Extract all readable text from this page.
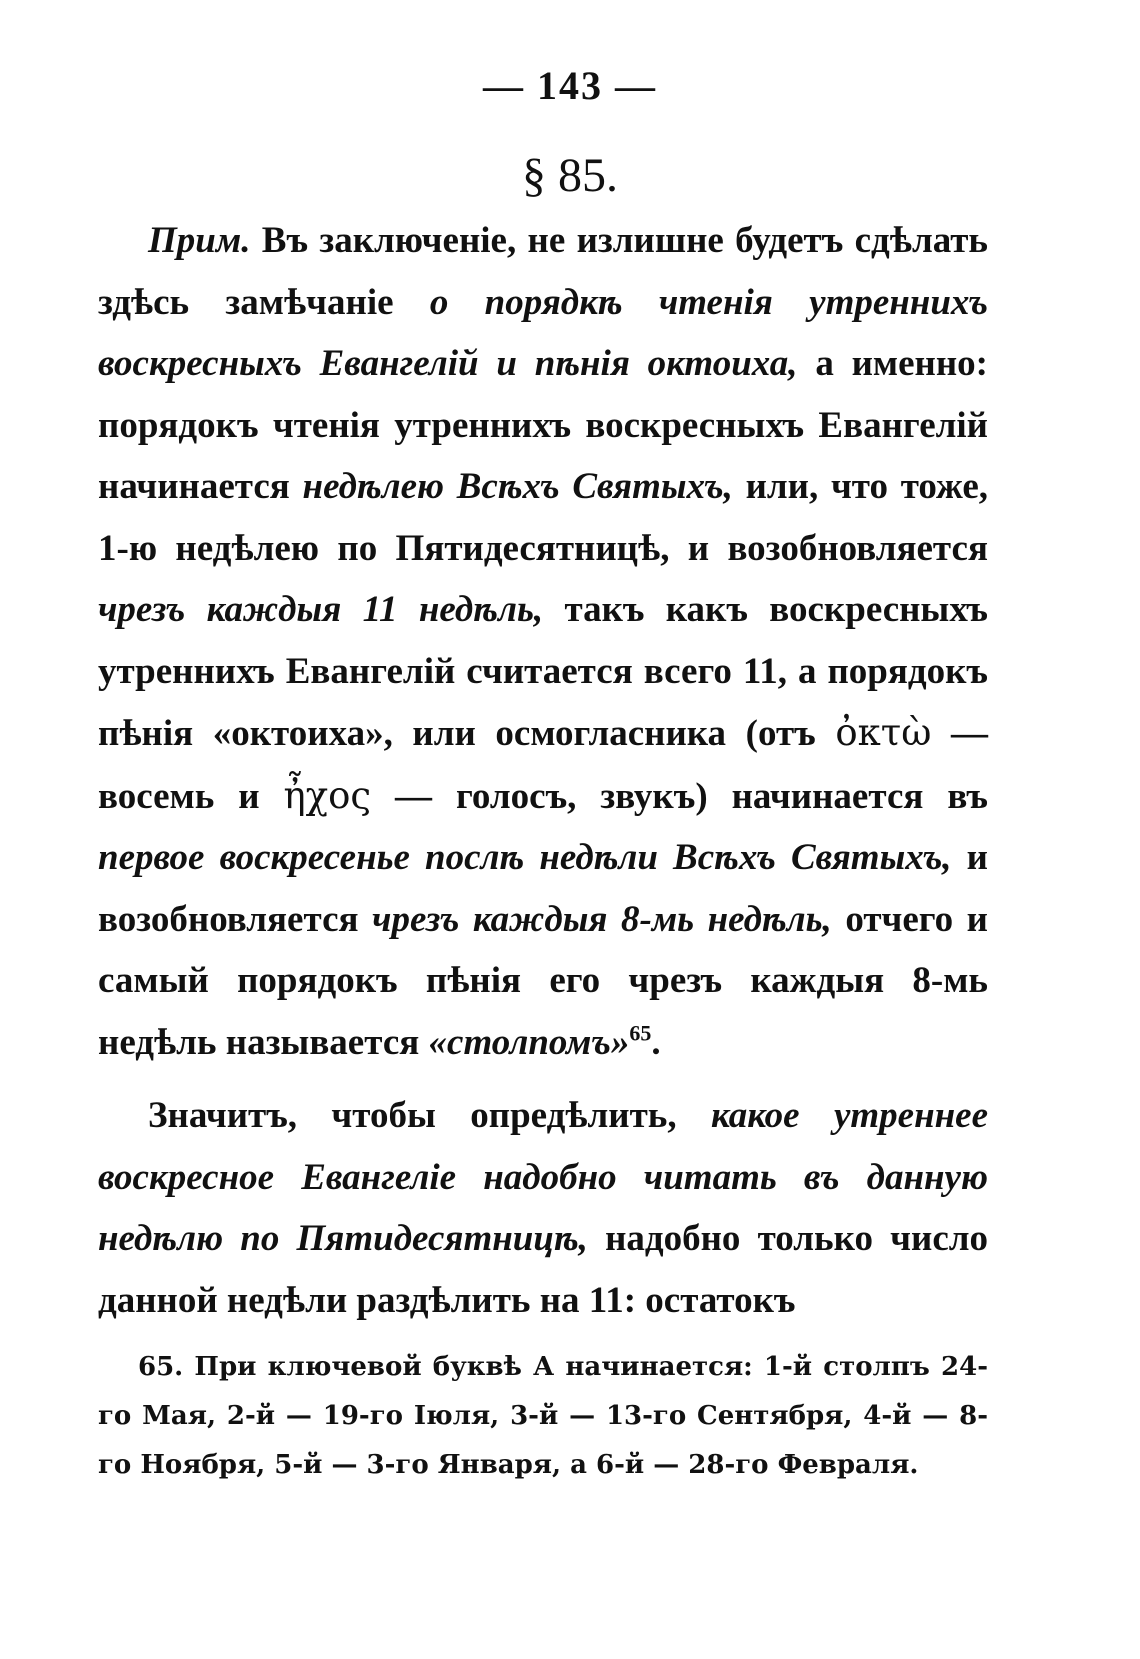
— 143 —
§ 85.

Прим. Въ заключеніе, не излишне будетъ сдѣлать здѣсь замѣчаніе о порядкѣ чтенія утреннихъ воскресныхъ Евангелій и пѣнія октоиха, а именно: порядокъ чтенія утреннихъ воскресныхъ Евангелій начинается недѣлею Всѣхъ Святыхъ, или, что тоже, 1-ю недѣлею по Пятидесятницѣ, и возобновляется чрезъ каждыя 11 недѣль, такъ какъ воскресныхъ утреннихъ Евангелій считается всего 11, а порядокъ пѣнія «октоиха», или осмогласника (отъ ὀκτὼ — восемь и ἦχος — голосъ, звукъ) начинается въ первое воскресенье послѣ недѣли Всѣхъ Святыхъ, и возобновляется чрезъ каждыя 8-мь недѣль, отчего и самый порядокъ пѣнія его чрезъ каждыя 8-мь недѣль называется «столпомъ»$^{65}$.

Значитъ, чтобы опредѣлить, какое утреннее воскресное Евангеліе надобно читать въ данную недѣлю по Пятидесятницѣ, надобно только число данной недѣли раздѣлить на 11: остатокъ

65. При ключевой буквѣ А начинается: 1-й столпъ 24-го Мая, 2-й — 19-го Іюля, 3-й — 13-го Сентября, 4-й — 8-го Ноября, 5-й — 3-го Января, а 6-й — 28-го Февраля.
